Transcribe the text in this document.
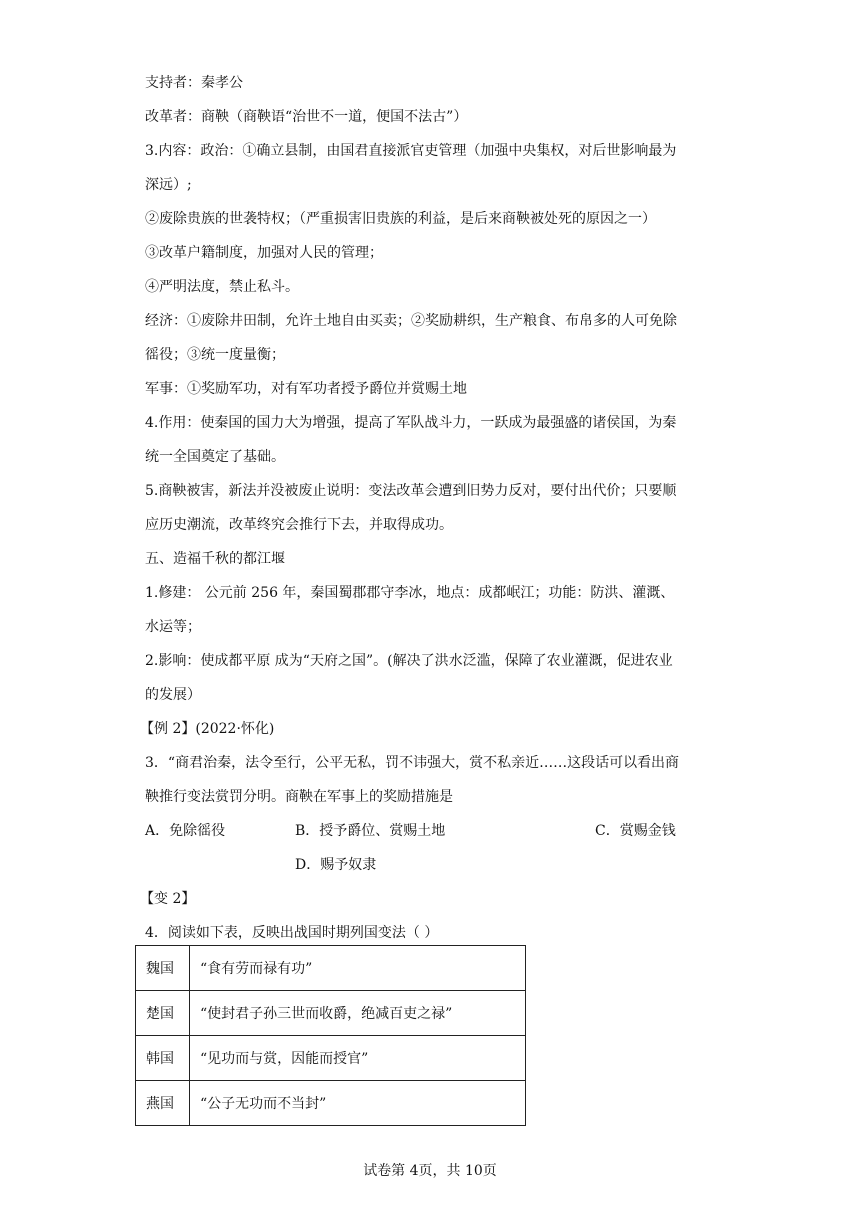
支持者：秦孝公
改革者：商鞅（商鞅语“治世不一道，便国不法古”）
3.内容：政治：①确立县制，由国君直接派官吏管理（加强中央集权，对后世影响最为
深远）;
②废除贵族的世袭特权；（严重损害旧贵族的利益，是后来商鞅被处死的原因之一）
③改革户籍制度，加强对人民的管理；
④严明法度，禁止私斗。
经济：①废除井田制，允许土地自由买卖；②奖励耕织，生产粮食、布帛多的人可免除
徭役；③统一度量衡；
军事：①奖励军功，对有军功者授予爵位并赏赐土地
4.作用：使秦国的国力大为增强，提高了军队战斗力，一跃成为最强盛的诸侯国，为秦
统一全国奠定了基础。
5.商鞅被害，新法并没被废止说明：变法改革会遭到旧势力反对，要付出代价；只要顺
应历史潮流，改革终究会推行下去，并取得成功。
五、造福千秋的都江堰
1.修建： 公元前 256 年，秦国蜀郡郡守李冰，地点：成都岷江；功能：防洪、灌溉、
水运等；
2.影响：使成都平原 成为“天府之国”。(解决了洪水泛滥，保障了农业灌溉，促进农业
的发展）
【例 2】(2022·怀化)
3．“商君治秦，法令至行，公平无私，罚不讳强大，赏不私亲近……这段话可以看出商
鞅推行变法赏罚分明。商鞅在军事上的奖励措施是
A．免除徭役	B．授予爵位、赏赐土地	C．赏赐金钱
D．赐予奴隶
【变 2】
4．阅读如下表，反映出战国时期列国变法（ ）
魏国	“食有劳而禄有功”
楚国	“使封君子孙三世而收爵，绝减百吏之禄”
韩国	“见功而与赏，因能而授官”
燕国	“公子无功而不当封”
试卷第 4页，共 10页
